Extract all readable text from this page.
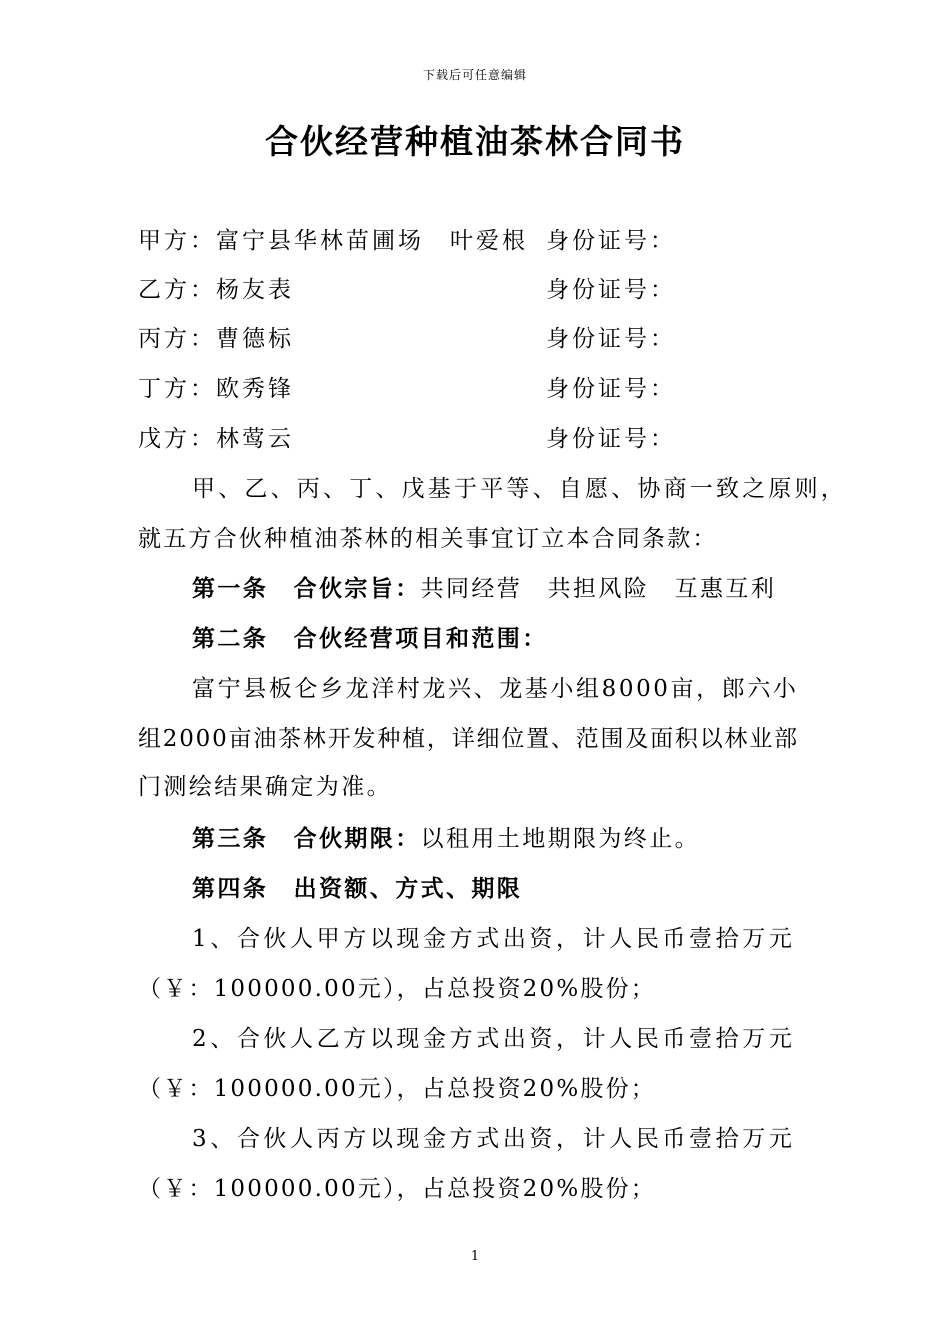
下载后可任意编辑
合伙经营种植油茶林合同书
甲方：富宁县华林苗圃场　叶爱根 身份证号：
乙方：杨友表	身份证号：
丙方：曹德标	身份证号：
丁方：欧秀锋	身份证号：
戊方：林莺云	身份证号：
甲、乙、丙、丁、戊基于平等、自愿、协商一致之原则，
就五方合伙种植油茶林的相关事宜订立本合同条款：
第一条　合伙宗旨：共同经营　共担风险　互惠互利
第二条　合伙经营项目和范围：
富宁县板仑乡龙洋村龙兴、龙基小组8000亩，郎六小
组2000亩油茶林开发种植，详细位置、范围及面积以林业部
门测绘结果确定为准。
第三条　合伙期限：以租用土地期限为终止。
第四条　出资额、方式、期限
1、合伙人甲方以现金方式出资，计人民币壹拾万元
（￥：100000.00元），占总投资20%股份；
2、合伙人乙方以现金方式出资，计人民币壹拾万元
（￥：100000.00元），占总投资20%股份；
3、合伙人丙方以现金方式出资，计人民币壹拾万元
（￥：100000.00元），占总投资20%股份；
1
